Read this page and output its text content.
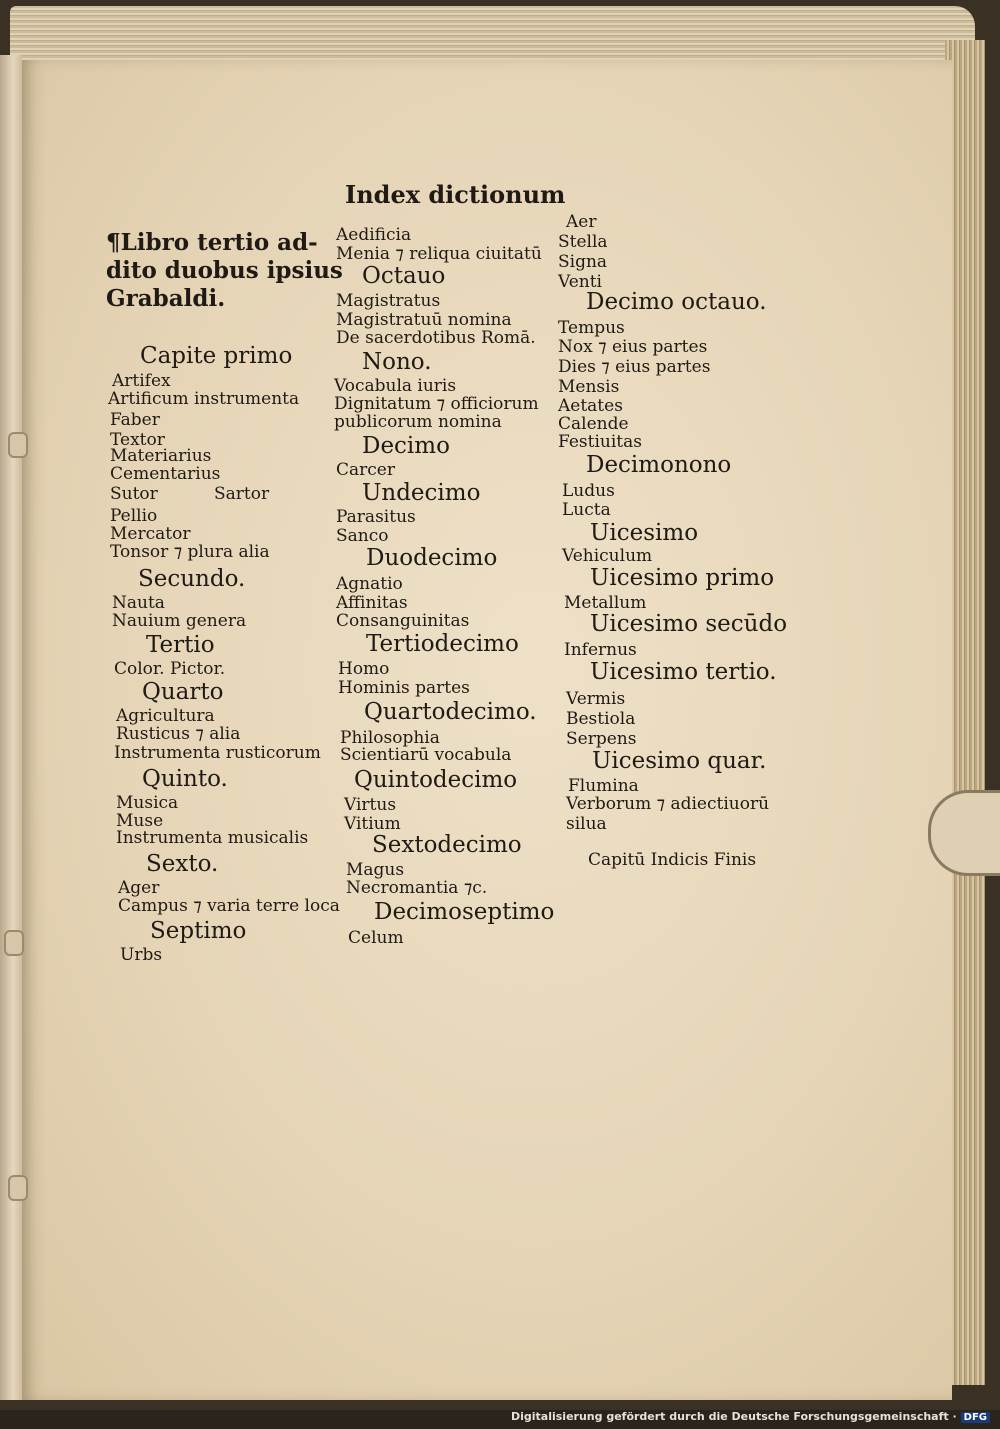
Index dictionum
¶Libro tertio ad-
dito duobus ipsius
Grabaldi.
Capite primo
Artifex
Artificum instrumenta
Faber
Textor
Materiarius
Cementarius
Sutor	Sartor
Pellio
Mercator
Tonsor ⁊ plura alia
Secundo.
Nauta
Nauium genera
Tertio
Color. Pictor.
Quarto
Agricultura
Rusticus ⁊ alia
Instrumenta rusticorum
Quinto.
Musica
Muse
Instrumenta musicalis
Sexto.
Ager
Campus ⁊ varia terre loca
Septimo
Urbs
Aedificia
Menia ⁊ reliqua ciuitatū
Octauo
Magistratus
Magistratuū nomina
De sacerdotibus Romā.
Nono.
Vocabula iuris
Dignitatum ⁊ officiorum
publicorum nomina
Decimo
Carcer
Undecimo
Parasitus
Sanco
Duodecimo
Agnatio
Affinitas
Consanguinitas
Tertiodecimo
Homo
Hominis partes
Quartodecimo.
Philosophia
Scientiarū vocabula
Quintodecimo
Virtus
Vitium
Sextodecimo
Magus
Necromantia ⁊c.
Decimoseptimo
Celum
Aer
Stella
Signa
Venti
Decimo octauo.
Tempus
Nox ⁊ eius partes
Dies ⁊ eius partes
Mensis
Aetates
Calende
Festiuitas
Decimonono
Ludus
Lucta
Uicesimo
Vehiculum
Uicesimo primo
Metallum
Uicesimo secūdo
Infernus
Uicesimo tertio.
Vermis
Bestiola
Serpens
Uicesimo quar.
Flumina
Verborum ⁊ adiectiuorū
silua
Capitū Indicis Finis
Digitalisierung gefördert durch die Deutsche Forschungsgemeinschaft · DFG
